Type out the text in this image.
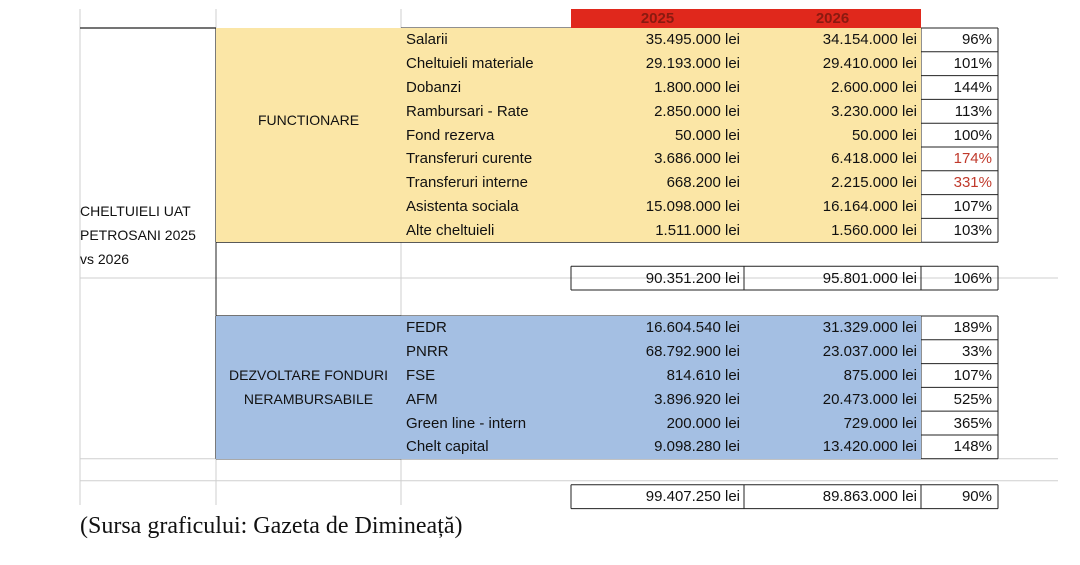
2025	2026
CHELTUIELI UAT
PETROSANI 2025
vs 2026
FUNCTIONARE
DEZVOLTARE FONDURI
NERAMBURSABILE
Salarii	35.495.000 lei	34.154.000 lei	96%
Cheltuieli materiale	29.193.000 lei	29.410.000 lei	101%
Dobanzi	1.800.000 lei	2.600.000 lei	144%
Rambursari - Rate	2.850.000 lei	3.230.000 lei	113%
Fond rezerva	50.000 lei	50.000 lei	100%
Transferuri curente	3.686.000 lei	6.418.000 lei	174%
Transferuri interne	668.200 lei	2.215.000 lei	331%
Asistenta sociala	15.098.000 lei	16.164.000 lei	107%
Alte cheltuieli	1.511.000 lei	1.560.000 lei	103%
FEDR	16.604.540 lei	31.329.000 lei	189%
PNRR	68.792.900 lei	23.037.000 lei	33%
FSE	814.610 lei	875.000 lei	107%
AFM	3.896.920 lei	20.473.000 lei	525%
Green line - intern	200.000 lei	729.000 lei	365%
Chelt capital	9.098.280 lei	13.420.000 lei	148%
90.351.200 lei	95.801.000 lei	106%
99.407.250 lei	89.863.000 lei	90%
(Sursa graficului: Gazeta de Dimineață)
